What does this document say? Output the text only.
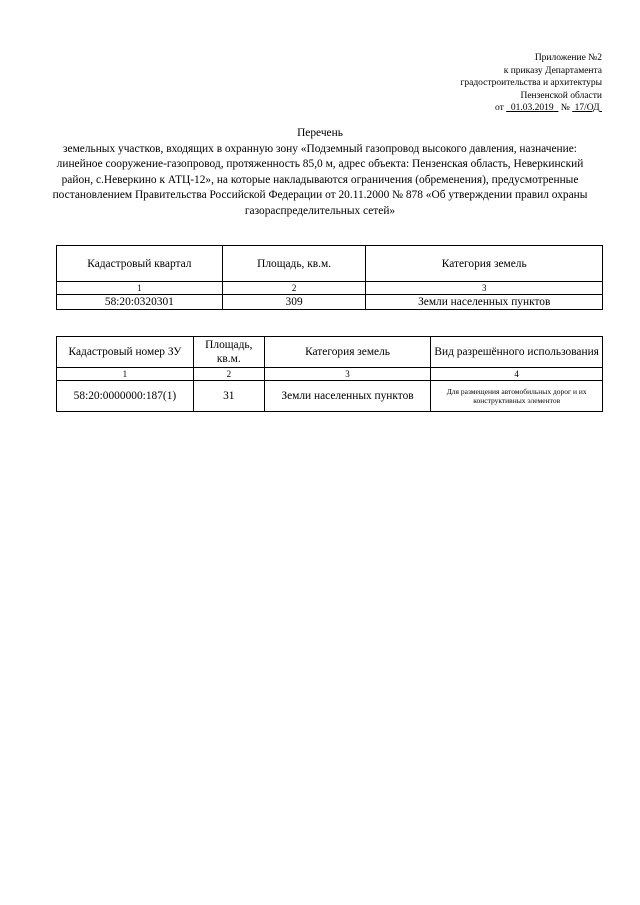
Приложение №2
к приказу Департамента
градостроительства и архитектуры
Пензенской области
от 01.03.2019 № 17/ОД
Перечень
земельных участков, входящих в охранную зону «Подземный газопровод высокого давления, назначение: линейное сооружение-газопровод, протяженность 85,0 м, адрес объекта: Пензенская область, Неверкинский район, с.Неверкино к АТЦ-12», на которые накладываются ограничения (обременения), предусмотренные постановлением Правительства Российской Федерации от 20.11.2000 № 878 «Об утверждении правил охраны газораспределительных сетей»
Кадастровый квартал	Площадь, кв.м.	Категория земель
1	2	3
58:20:0320301	309	Земли населенных пунктов
Кадастровый номер ЗУ	Площадь, кв.м.	Категория земель	Вид разрешённого использования
1	2	3	4
58:20:0000000:187(1)	31	Земли населенных пунктов	Для размещения автомобильных дорог и их конструктивных элементов
